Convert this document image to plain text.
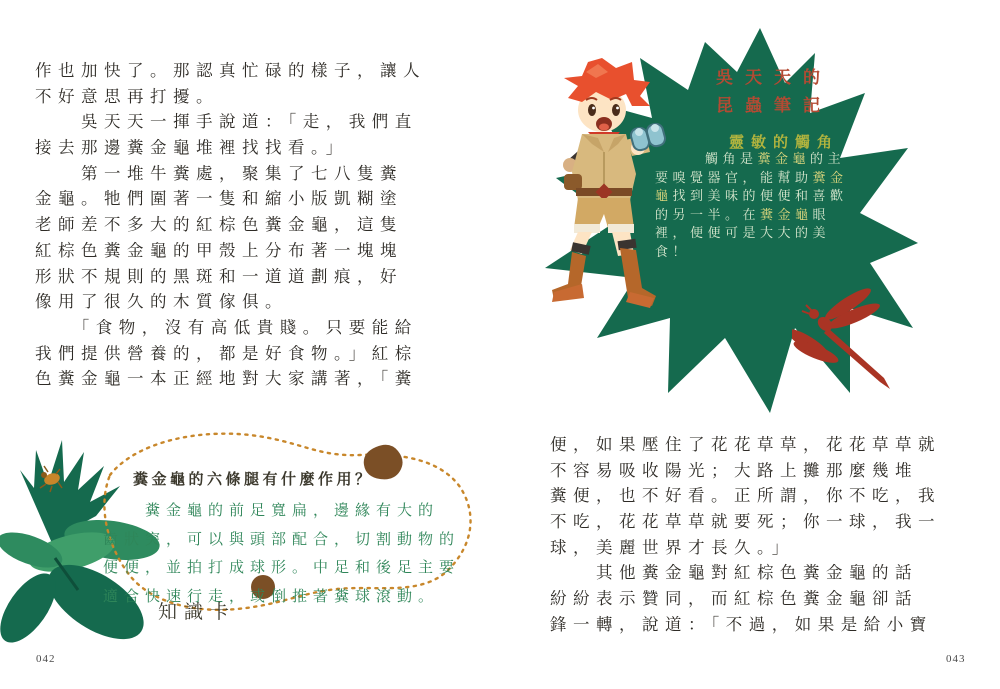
作也加快了。那認真忙碌的樣子，讓人
不好意思再打擾。
　　吳天天一揮手說道：「走，我們直
接去那邊糞金龜堆裡找找看。」
　　第一堆牛糞處，聚集了七八隻糞
金龜。牠們圍著一隻和縮小版凱糊塗
老師差不多大的紅棕色糞金龜，這隻
紅棕色糞金龜的甲殼上分布著一塊塊
形狀不規則的黑斑和一道道劃痕，好
像用了很久的木質傢俱。
　　「食物，沒有高低貴賤。只要能給
我們提供營養的，都是好食物。」紅棕
色糞金龜一本正經地對大家講著，「糞
便，如果壓住了花花草草，花花草草就
不容易吸收陽光；大路上攤那麼幾堆
糞便，也不好看。正所謂，你不吃，我
不吃，花花草草就要死；你一球，我一
球，美麗世界才長久。」
　　其他糞金龜對紅棕色糞金龜的話
紛紛表示贊同，而紅棕色糞金龜卻話
鋒一轉，說道：「不過，如果是給小寶
吳天天的
昆蟲筆記
靈敏的觸角

觸角是糞金龜的主要嗅覺器官，能幫助糞金龜找到美味的便便和喜歡的另一半。在糞金龜眼裡，便便可是大大的美食！

糞金龜的六條腿有什麼作用？
　　糞金龜的前足寬扁，邊緣有大的
齒狀突，可以與頭部配合，切割動物的
便便，並拍打成球形。中足和後足主要
適合快速行走，或倒推著糞球滾動。
知識卡
042	043
